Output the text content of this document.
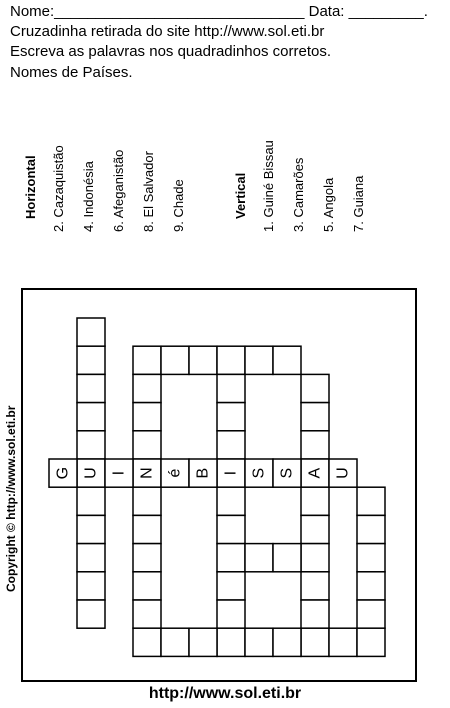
Nome:______________________________ Data: _________.
Cruzadinha retirada do site http://www.sol.eti.br
Escreva as palavras nos quadradinhos corretos.
Nomes de Países.
Horizontal 2. Cazaquistão 4. Indonésia 6. Afeganistão 8. El Salvador 9. Chade	Vertical 1. Guiné Bissau 3. Camarões 5. Angola 7. Guiana
G U I N é B I S S A U
Copyright © http://www.sol.eti.br
http://www.sol.eti.br
